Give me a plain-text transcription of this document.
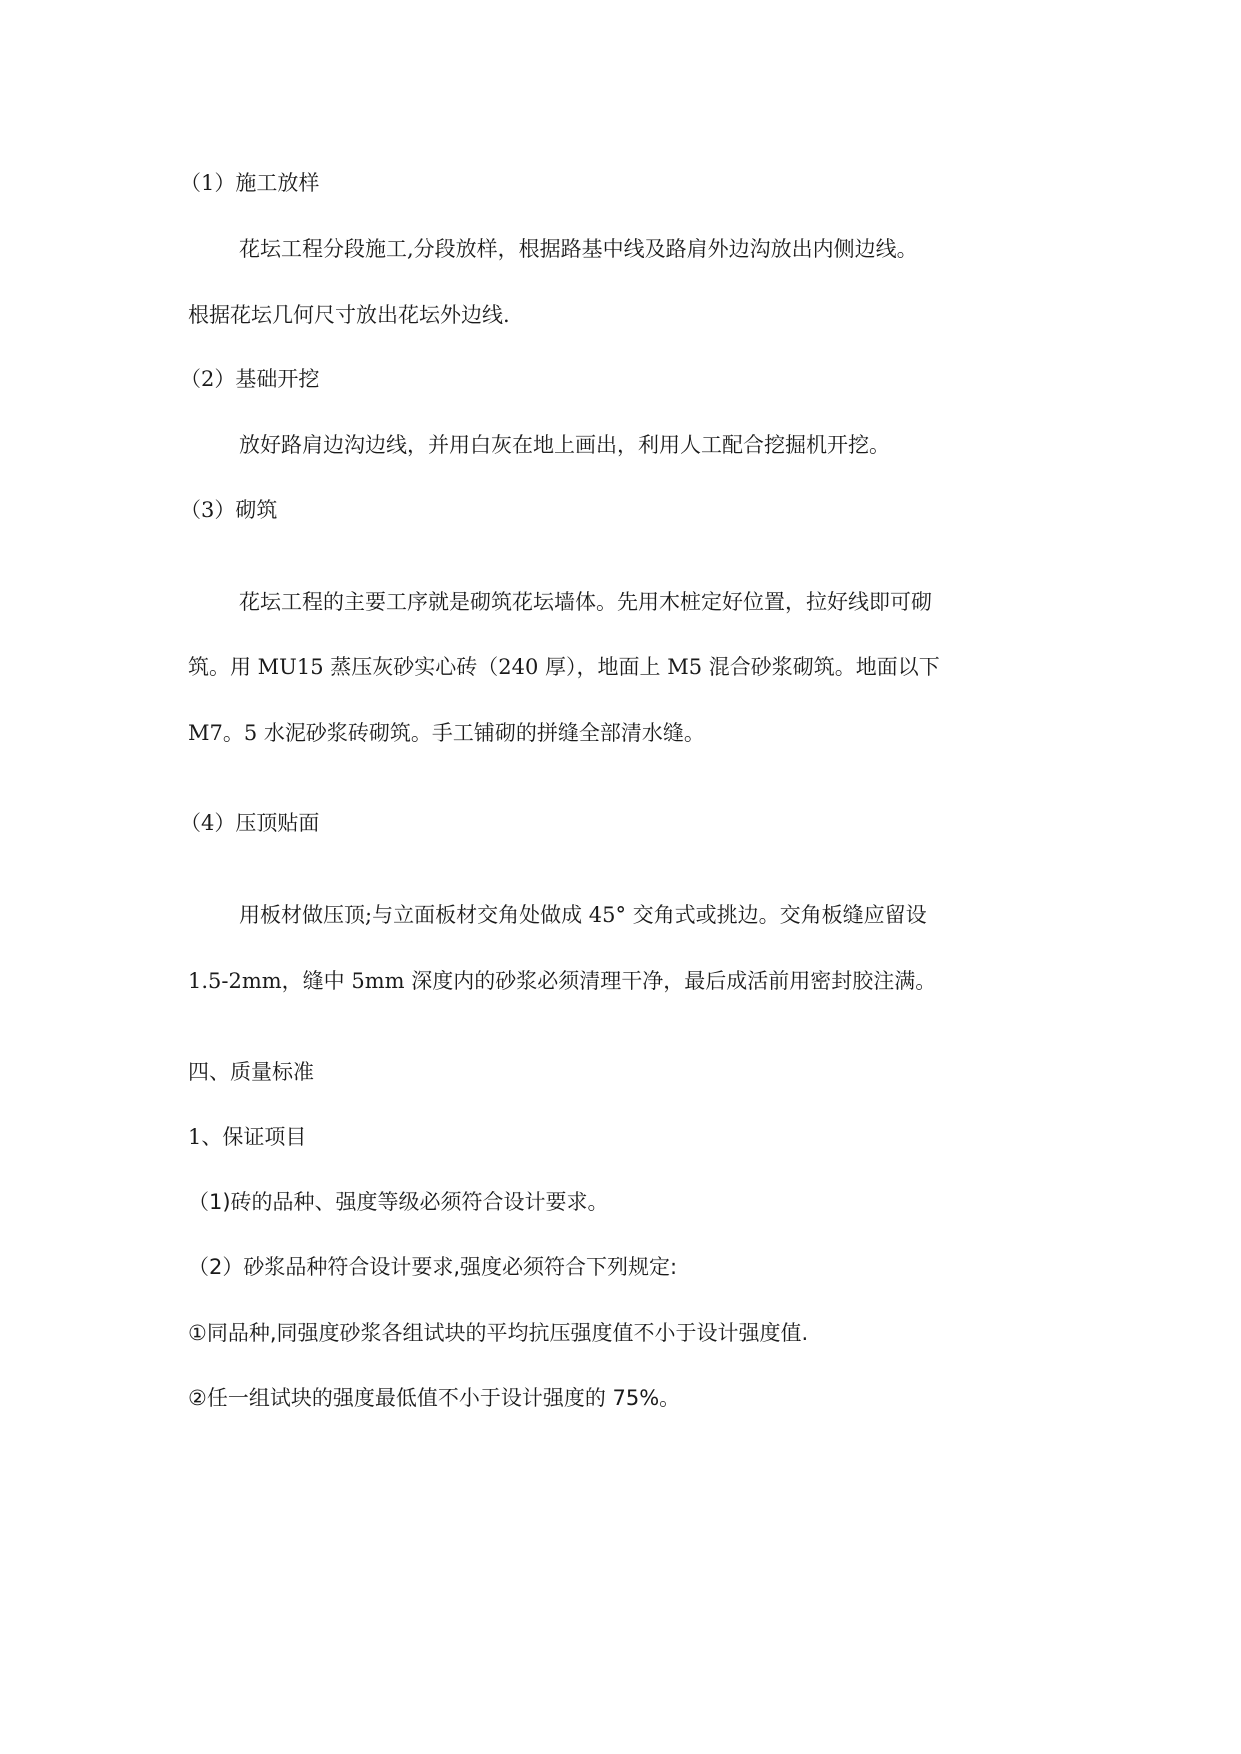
（1）施工放样
花坛工程分段施工,分段放样，根据路基中线及路肩外边沟放出内侧边线。
根据花坛几何尺寸放出花坛外边线.
（2）基础开挖
放好路肩边沟边线，并用白灰在地上画出，利用人工配合挖掘机开挖。
（3）砌筑
花坛工程的主要工序就是砌筑花坛墙体。先用木桩定好位置，拉好线即可砌
筑。用 MU15 蒸压灰砂实心砖（240 厚），地面上 M5 混合砂浆砌筑。地面以下
M7。5 水泥砂浆砖砌筑。手工铺砌的拼缝全部清水缝。
（4）压顶贴面
用板材做压顶;与立面板材交角处做成 45° 交角式或挑边。交角板缝应留设
1.5-2mm，缝中 5mm 深度内的砂浆必须清理干净，最后成活前用密封胶注满。
四、质量标准
1、保证项目
（1)砖的品种、强度等级必须符合设计要求。
（2）砂浆品种符合设计要求,强度必须符合下列规定:
①同品种,同强度砂浆各组试块的平均抗压强度值不小于设计强度值.
②任一组试块的强度最低值不小于设计强度的 75%。
